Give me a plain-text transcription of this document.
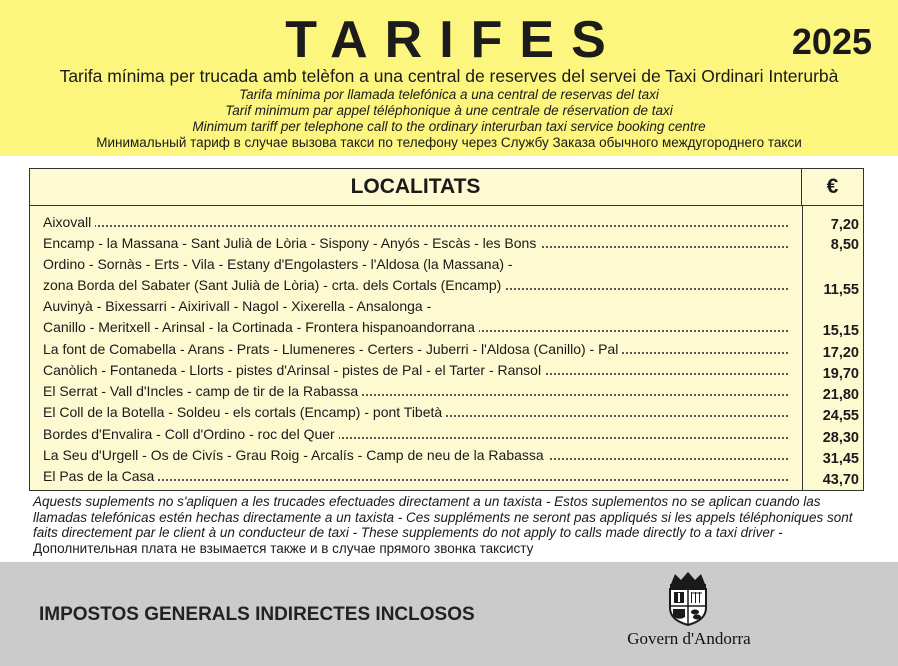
TARIFES	2025
Tarifa mínima per trucada amb telèfon a una central de reserves del servei de Taxi Ordinari Interurbà
Tarifa mínima por llamada telefónica a una central de reservas del taxi
Tarif minimum par appel téléphonique à une centrale de réservation de taxi
Minimum tariff per telephone call to the ordinary interurban taxi service booking centre
Минимальный тариф в случае вызова такси по телефону через Службу Заказа обычного междугороднего такси
LOCALITATS	€
Aixovall	7,20
Encamp - la Massana - Sant Julià de Lòria - Sispony - Anyós - Escàs - les Bons	8,50
Ordino - Sornàs - Erts - Vila - Estany d'Engolasters - l'Aldosa (la Massana) -
zona Borda del Sabater (Sant Julià de Lòria) - crta. dels Cortals (Encamp)	11,55
Auvinyà - Bixessarri - Aixirivall - Nagol - Xixerella - Ansalonga -
Canillo - Meritxell - Arinsal - la Cortinada - Frontera hispanoandorrana	15,15
La font de Comabella - Arans - Prats - Llumeneres - Certers - Juberri - l'Aldosa (Canillo) - Pal	17,20
Canòlich - Fontaneda - Llorts - pistes d'Arinsal - pistes de Pal - el Tarter - Ransol	19,70
El Serrat - Vall d'Incles - camp de tir de la Rabassa	21,80
El Coll de la Botella - Soldeu - els cortals (Encamp) - pont Tibetà	24,55
Bordes d'Envalira - Coll d'Ordino - roc del Quer	28,30
La Seu d'Urgell - Os de Civís - Grau Roig - Arcalís - Camp de neu de la Rabassa	31,45
El Pas de la Casa	43,70
Aquests suplements no s'apliquen a les trucades efectuades directament a un taxista - Estos suplementos no se aplican cuando las llamadas telefónicas estén hechas directamente a un taxista - Ces suppléments ne seront pas appliqués si les appels téléphoniques sont faits directement par le client à un conducteur de taxi - These supplements do not apply to calls made directly to a taxi driver - Дополнительная плата не взымается также и в случае прямого звонка таксисту
IMPOSTOS GENERALS INDIRECTES INCLOSOS
Govern d'Andorra
